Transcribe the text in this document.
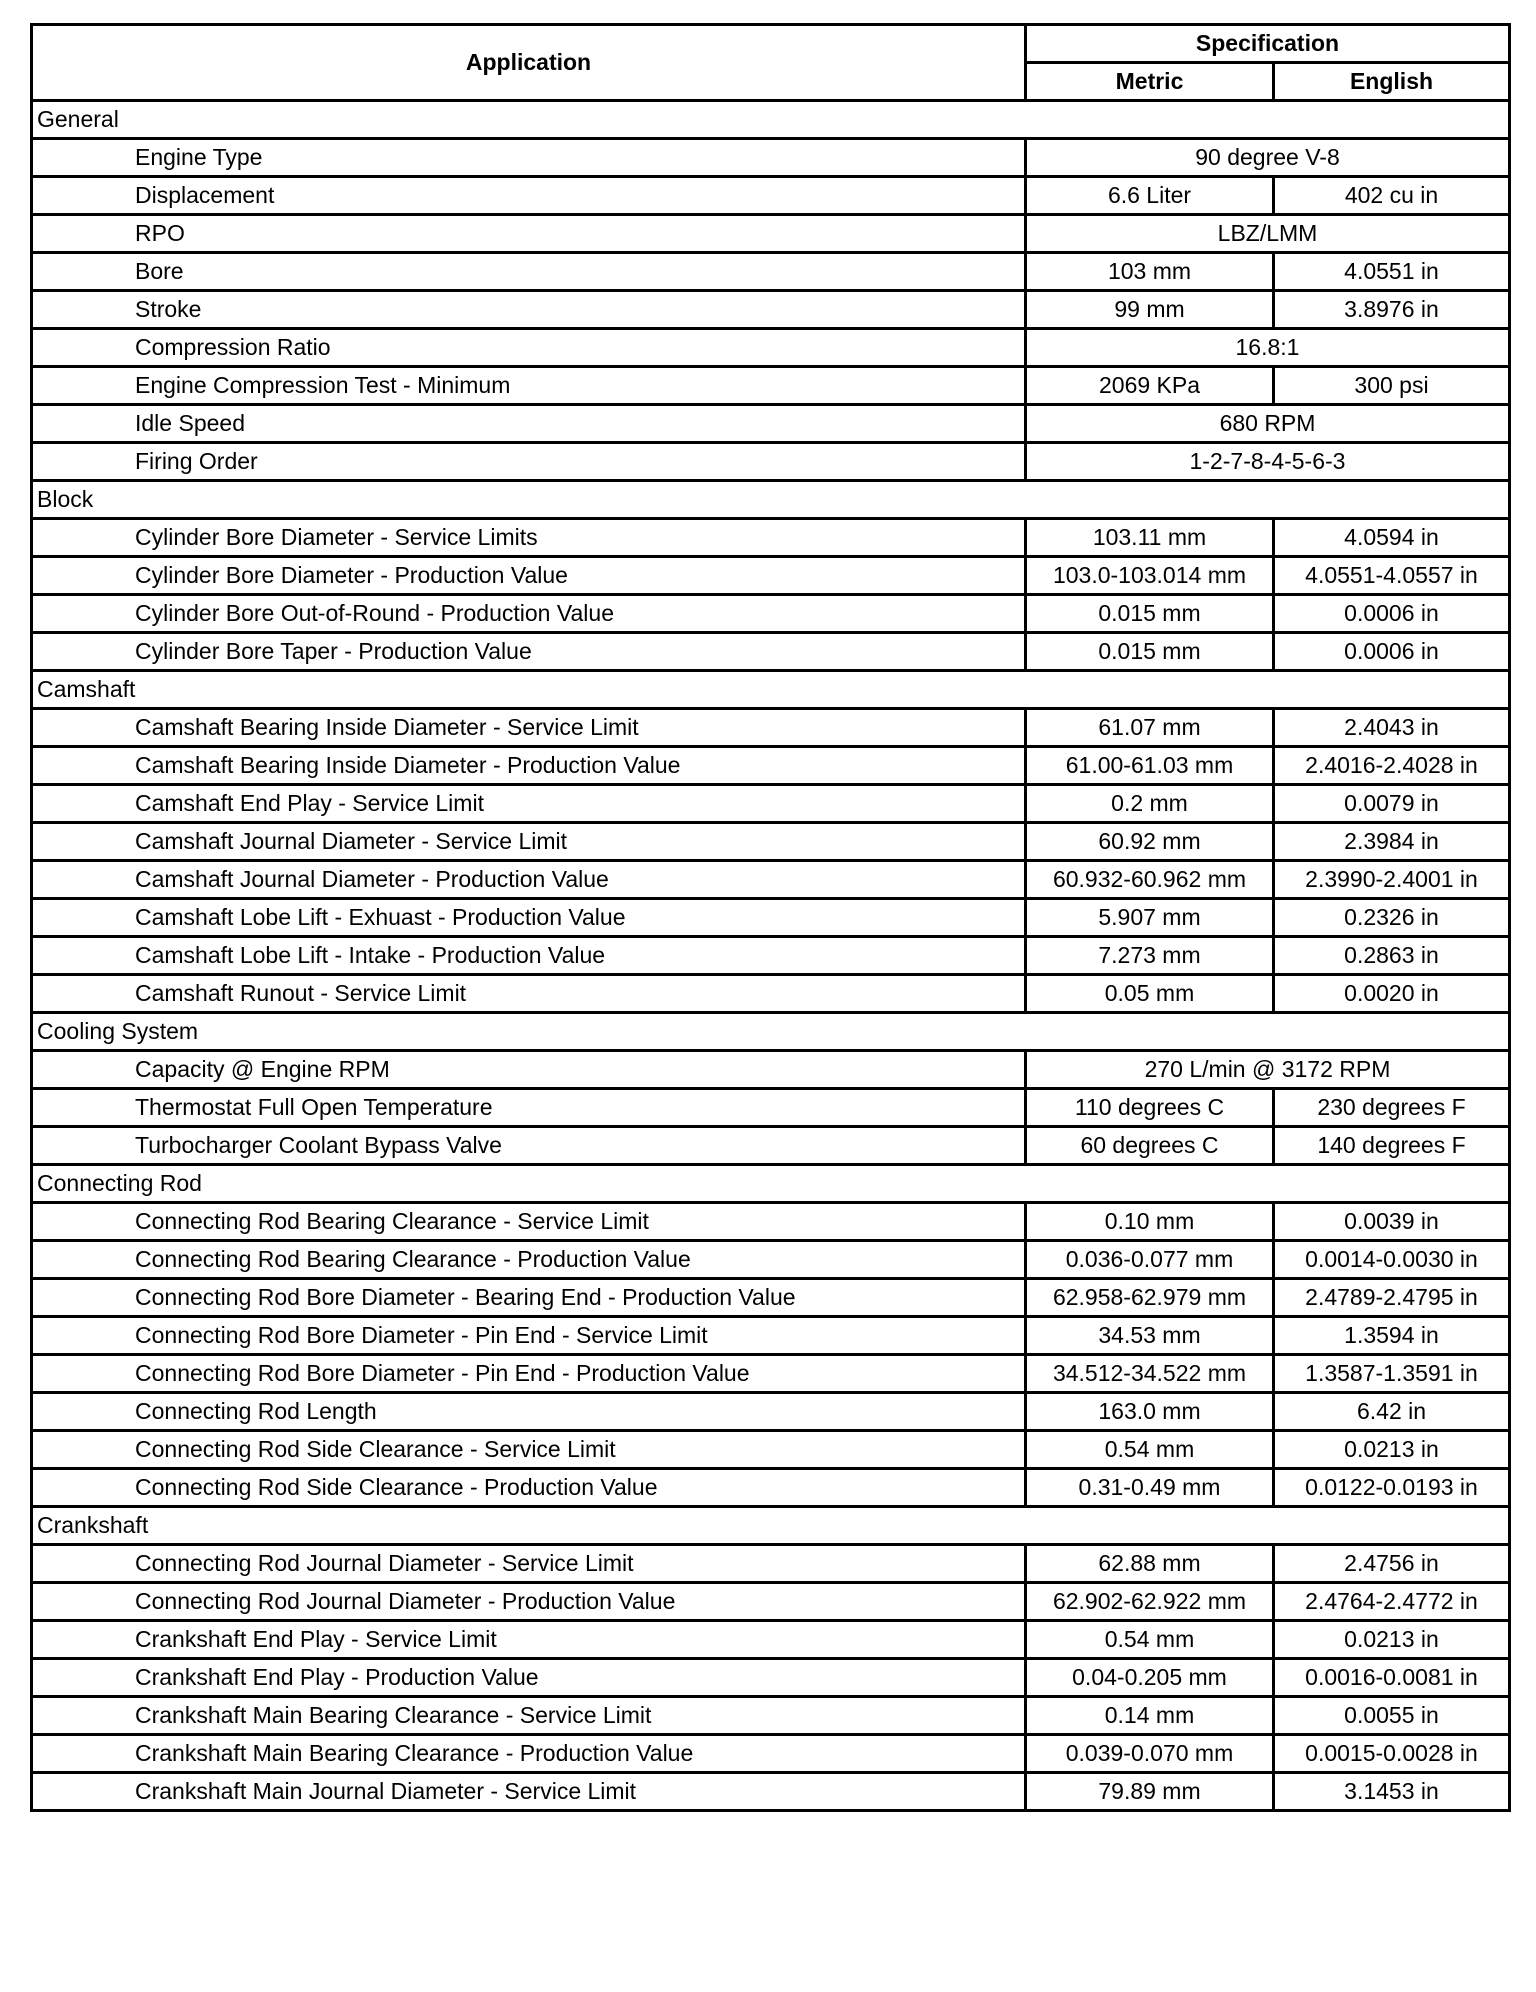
Application	Specification	
	Metric	English
General		
Engine Type	90 degree V-8	
Displacement	6.6 Liter	402 cu in
RPO	LBZ/LMM	
Bore	103 mm	4.0551 in
Stroke	99 mm	3.8976 in
Compression Ratio	16.8:1	
Engine Compression Test - Minimum	2069 KPa	300 psi
Idle Speed	680 RPM	
Firing Order	1-2-7-8-4-5-6-3	
Block		
Cylinder Bore Diameter - Service Limits	103.11 mm	4.0594 in
Cylinder Bore Diameter - Production Value	103.0-103.014 mm	4.0551-4.0557 in
Cylinder Bore Out-of-Round - Production Value	0.015 mm	0.0006 in
Cylinder Bore Taper - Production Value	0.015 mm	0.0006 in
Camshaft		
Camshaft Bearing Inside Diameter - Service Limit	61.07 mm	2.4043 in
Camshaft Bearing Inside Diameter - Production Value	61.00-61.03 mm	2.4016-2.4028 in
Camshaft End Play - Service Limit	0.2 mm	0.0079 in
Camshaft Journal Diameter - Service Limit	60.92 mm	2.3984 in
Camshaft Journal Diameter - Production Value	60.932-60.962 mm	2.3990-2.4001 in
Camshaft Lobe Lift - Exhuast - Production Value	5.907 mm	0.2326 in
Camshaft Lobe Lift - Intake - Production Value	7.273 mm	0.2863 in
Camshaft Runout - Service Limit	0.05 mm	0.0020 in
Cooling System		
Capacity @ Engine RPM	270 L/min @ 3172 RPM	
Thermostat Full Open Temperature	110 degrees C	230 degrees F
Turbocharger Coolant Bypass Valve	60 degrees C	140 degrees F
Connecting Rod		
Connecting Rod Bearing Clearance - Service Limit	0.10 mm	0.0039 in
Connecting Rod Bearing Clearance - Production Value	0.036-0.077 mm	0.0014-0.0030 in
Connecting Rod Bore Diameter - Bearing End - Production Value	62.958-62.979 mm	2.4789-2.4795 in
Connecting Rod Bore Diameter - Pin End - Service Limit	34.53 mm	1.3594 in
Connecting Rod Bore Diameter - Pin End - Production Value	34.512-34.522 mm	1.3587-1.3591 in
Connecting Rod Length	163.0 mm	6.42 in
Connecting Rod Side Clearance - Service Limit	0.54 mm	0.0213 in
Connecting Rod Side Clearance - Production Value	0.31-0.49 mm	0.0122-0.0193 in
Crankshaft		
Connecting Rod Journal Diameter - Service Limit	62.88 mm	2.4756 in
Connecting Rod Journal Diameter - Production Value	62.902-62.922 mm	2.4764-2.4772 in
Crankshaft End Play - Service Limit	0.54 mm	0.0213 in
Crankshaft End Play - Production Value	0.04-0.205 mm	0.0016-0.0081 in
Crankshaft Main Bearing Clearance - Service Limit	0.14 mm	0.0055 in
Crankshaft Main Bearing Clearance - Production Value	0.039-0.070 mm	0.0015-0.0028 in
Crankshaft Main Journal Diameter - Service Limit	79.89 mm	3.1453 in
